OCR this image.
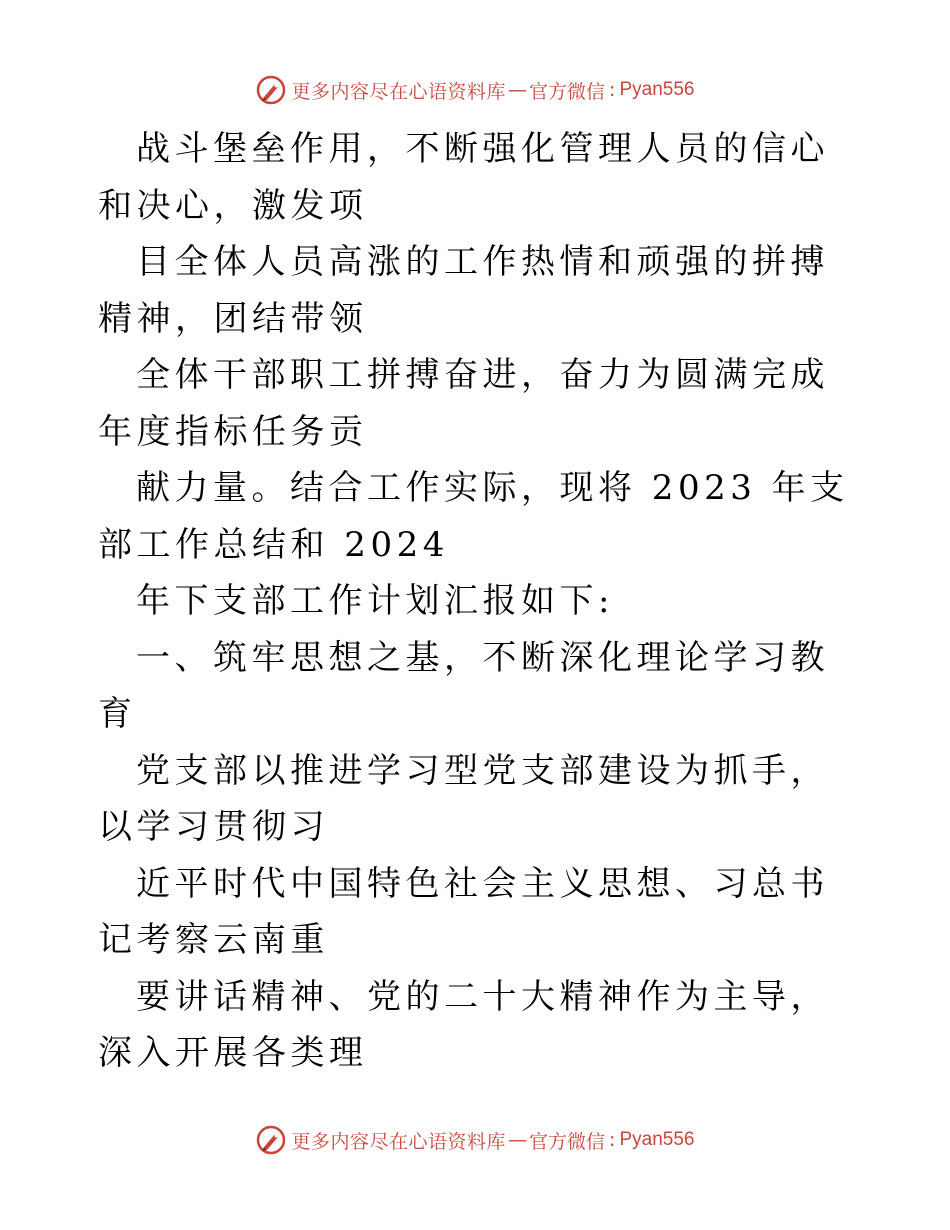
更多内容尽在心语资料库 — 官方微信 : Pyan556

战斗堡垒作用，不断强化管理人员的信心和决心，激发项

目全体人员高涨的工作热情和顽强的拼搏精神，团结带领

全体干部职工拼搏奋进，奋力为圆满完成年度指标任务贡

献力量。结合工作实际，现将 2023 年支部工作总结和 2024

年下支部工作计划汇报如下:

一、筑牢思想之基，不断深化理论学习教育

党支部以推进学习型党支部建设为抓手，以学习贯彻习

近平时代中国特色社会主义思想、习总书记考察云南重

要讲话精神、党的二十大精神作为主导，深入开展各类理

更多内容尽在心语资料库 — 官方微信 : Pyan556
